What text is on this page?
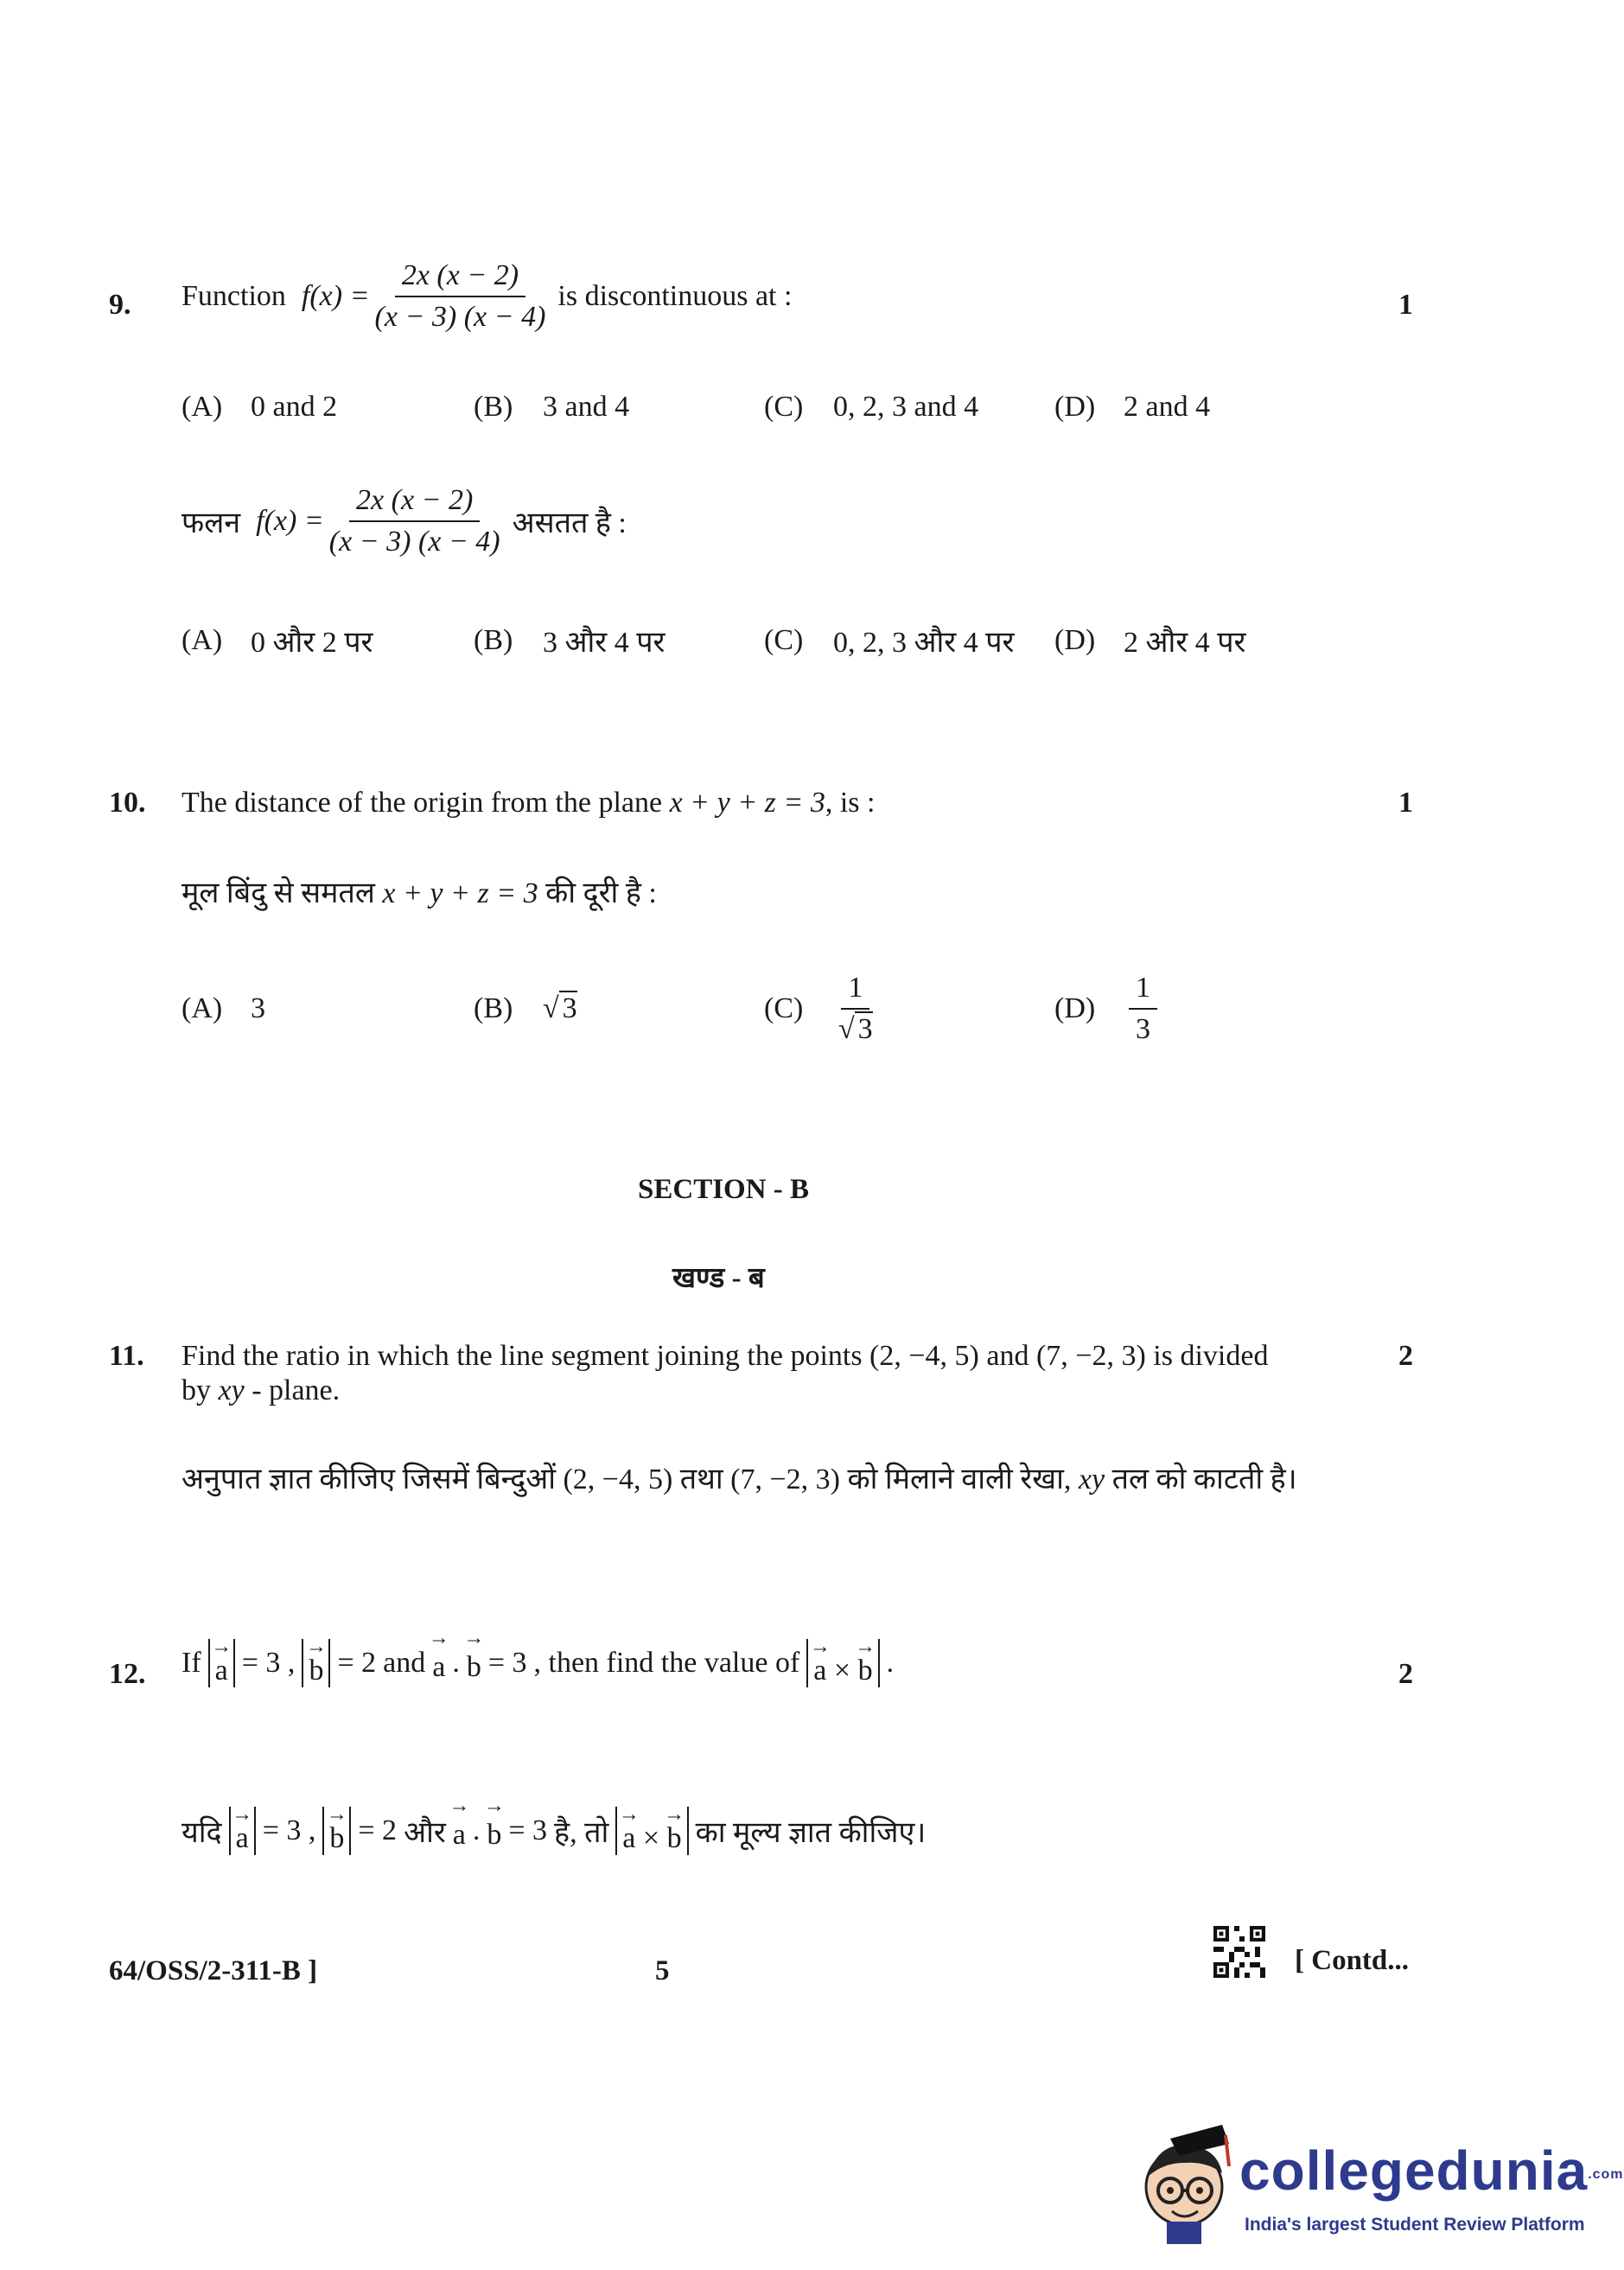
9. Function $f(x) = \frac{2x (x - 2)}{(x - 3) (x - 4)}$ is discontinuous at :	1
(A) 0 and 2	(B) 3 and 4	(C) 0, 2, 3 and 4	(D) 2 and 4
फलन $f(x) = \frac{2x (x - 2)}{(x - 3) (x - 4)}$ असतत है :
(A) 0 और 2 पर	(B) 3 और 4 पर	(C) 0, 2, 3 और 4 पर (D) 2 और 4 पर
10. The distance of the origin from the plane x + y + z = 3, is :	1
मूल बिंदु से समतल x + y + z = 3 की दूरी है :
(A) 3	(B) √ 3	$(C) \frac{1}{√ 3}$	$(D) \frac{1}{3}$
SECTION - B
खण्ड - ब
11. Find the ratio in which the line segment joining the points (2, −4, 5) and (7, −2, 3) is divided
by xy - plane.
2
अनुपात ज्ञात कीजिए जिसमें बिन्दुओं (2, −4, 5) तथा (7, −2, 3) को मिलाने वाली रेखा, xy तल को काटती है।
12. If → a = 3 , → b = 2 and → a . → b = 3 , then find the value of → a × → b .	2
यदि → a = 3 , → b = 2 और → a . → b = 3 है, तो → a × → b का मूल्य ज्ञात कीजिए।
64/OSS/2-311-B ]	5	[ Contd...
collegedunia.com
India's largest Student Review Platform
